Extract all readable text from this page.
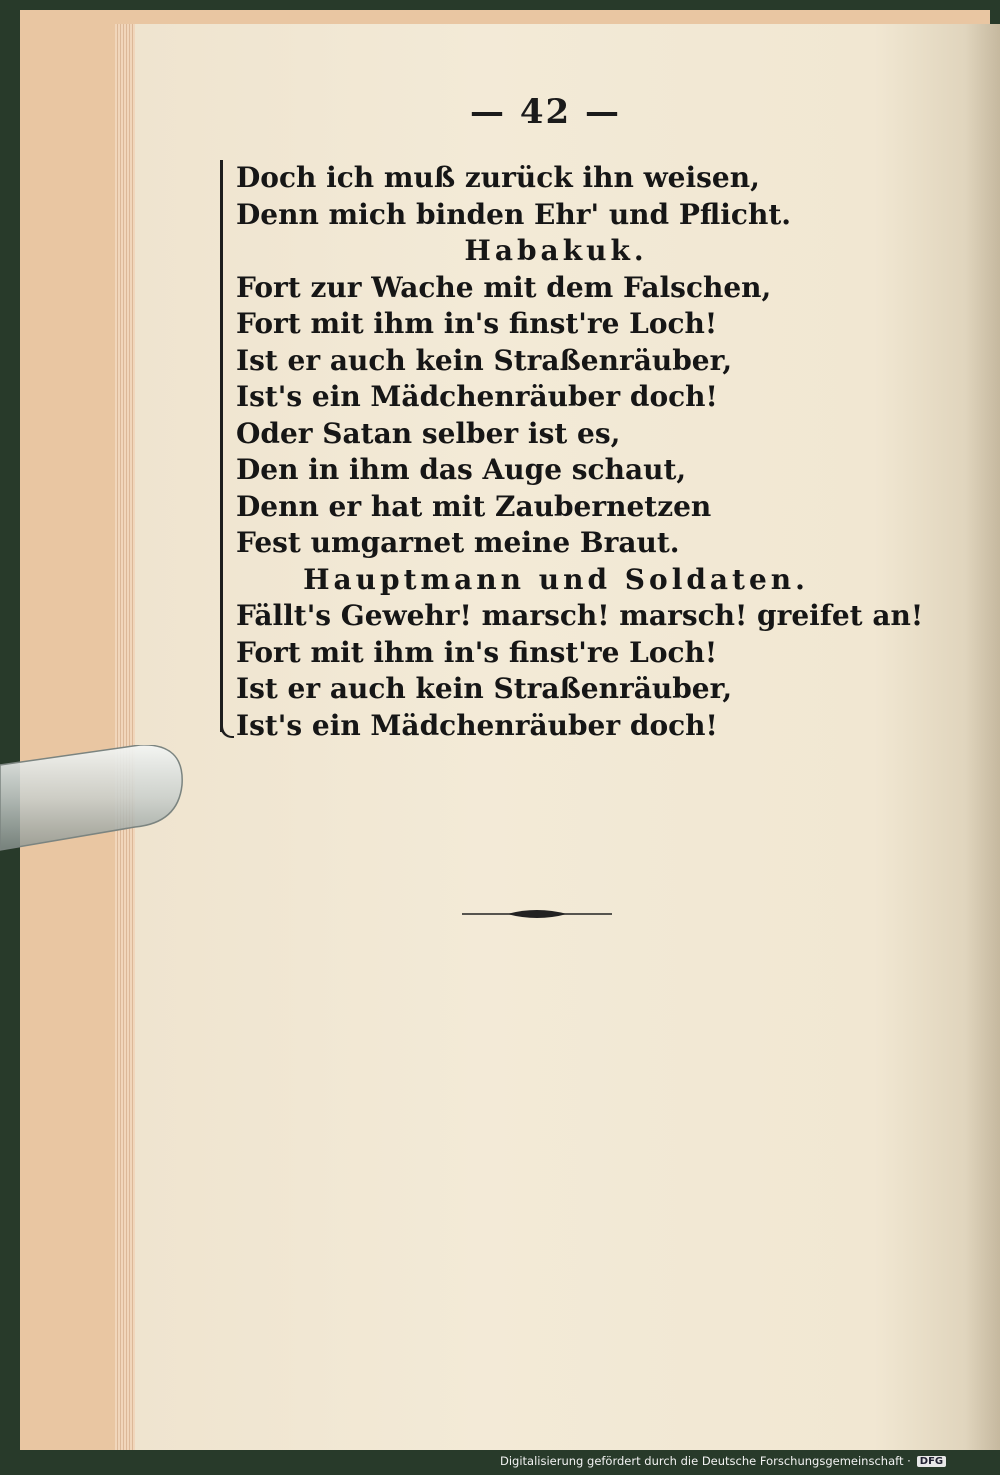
— 42 —
Doch ich muß zurück ihn weisen,
Denn mich binden Ehr' und Pflicht.
Habakuk.
Fort zur Wache mit dem Falschen,
Fort mit ihm in's finst're Loch!
Ist er auch kein Straßenräuber,
Ist's ein Mädchenräuber doch!
Oder Satan selber ist es,
Den in ihm das Auge schaut,
Denn er hat mit Zaubernetzen
Fest umgarnet meine Braut.
Hauptmann und Soldaten.
Fällt's Gewehr! marsch! marsch! greifet an!
Fort mit ihm in's finst're Loch!
Ist er auch kein Straßenräuber,
Ist's ein Mädchenräuber doch!
Digitalisierung gefördert durch die Deutsche Forschungsgemeinschaft · DFG
